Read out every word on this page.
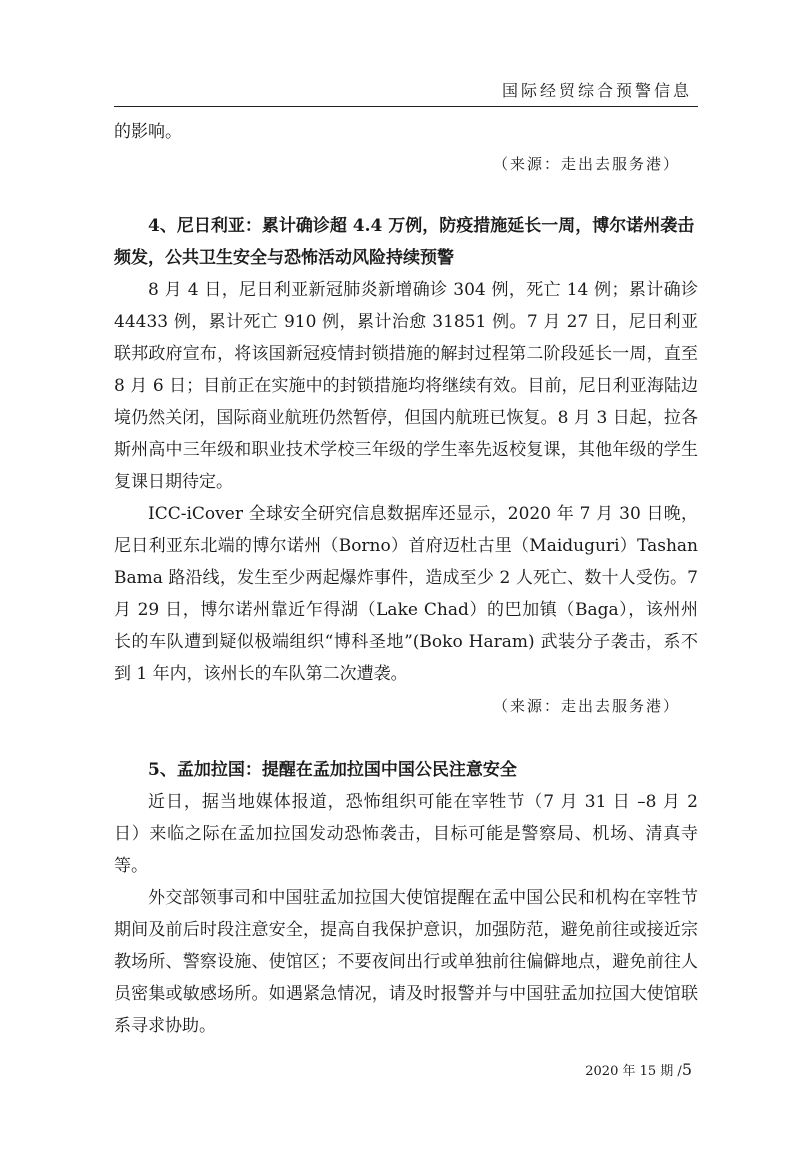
国际经贸综合预警信息

的影响。

（来源：走出去服务港）

4、尼日利亚：累计确诊超 4.4 万例，防疫措施延长一周，博尔诺州袭击频发，公共卫生安全与恐怖活动风险持续预警

8 月 4 日，尼日利亚新冠肺炎新增确诊 304 例，死亡 14 例；累计确诊 44433 例，累计死亡 910 例，累计治愈 31851 例。7 月 27 日，尼日利亚联邦政府宣布，将该国新冠疫情封锁措施的解封过程第二阶段延长一周，直至 8 月 6 日；目前正在实施中的封锁措施均将继续有效。目前，尼日利亚海陆边境仍然关闭，国际商业航班仍然暂停，但国内航班已恢复。8 月 3 日起，拉各斯州高中三年级和职业技术学校三年级的学生率先返校复课，其他年级的学生复课日期待定。

ICC-iCover 全球安全研究信息数据库还显示，2020 年 7 月 30 日晚，尼日利亚东北端的博尔诺州（Borno）首府迈杜古里（Maiduguri）Tashan Bama 路沿线，发生至少两起爆炸事件，造成至少 2 人死亡、数十人受伤。7 月 29 日，博尔诺州靠近乍得湖（Lake Chad）的巴加镇（Baga），该州州长的车队遭到疑似极端组织“博科圣地”(Boko Haram) 武装分子袭击，系不到 1 年内，该州长的车队第二次遭袭。

（来源：走出去服务港）

5、孟加拉国：提醒在孟加拉国中国公民注意安全

近日，据当地媒体报道，恐怖组织可能在宰牲节（7 月 31 日 –8 月 2 日）来临之际在孟加拉国发动恐怖袭击，目标可能是警察局、机场、清真寺等。

外交部领事司和中国驻孟加拉国大使馆提醒在孟中国公民和机构在宰牲节期间及前后时段注意安全，提高自我保护意识，加强防范，避免前往或接近宗教场所、警察设施、使馆区；不要夜间出行或单独前往偏僻地点，避免前往人员密集或敏感场所。如遇紧急情况，请及时报警并与中国驻孟加拉国大使馆联系寻求协助。

2020 年 15 期 /5
